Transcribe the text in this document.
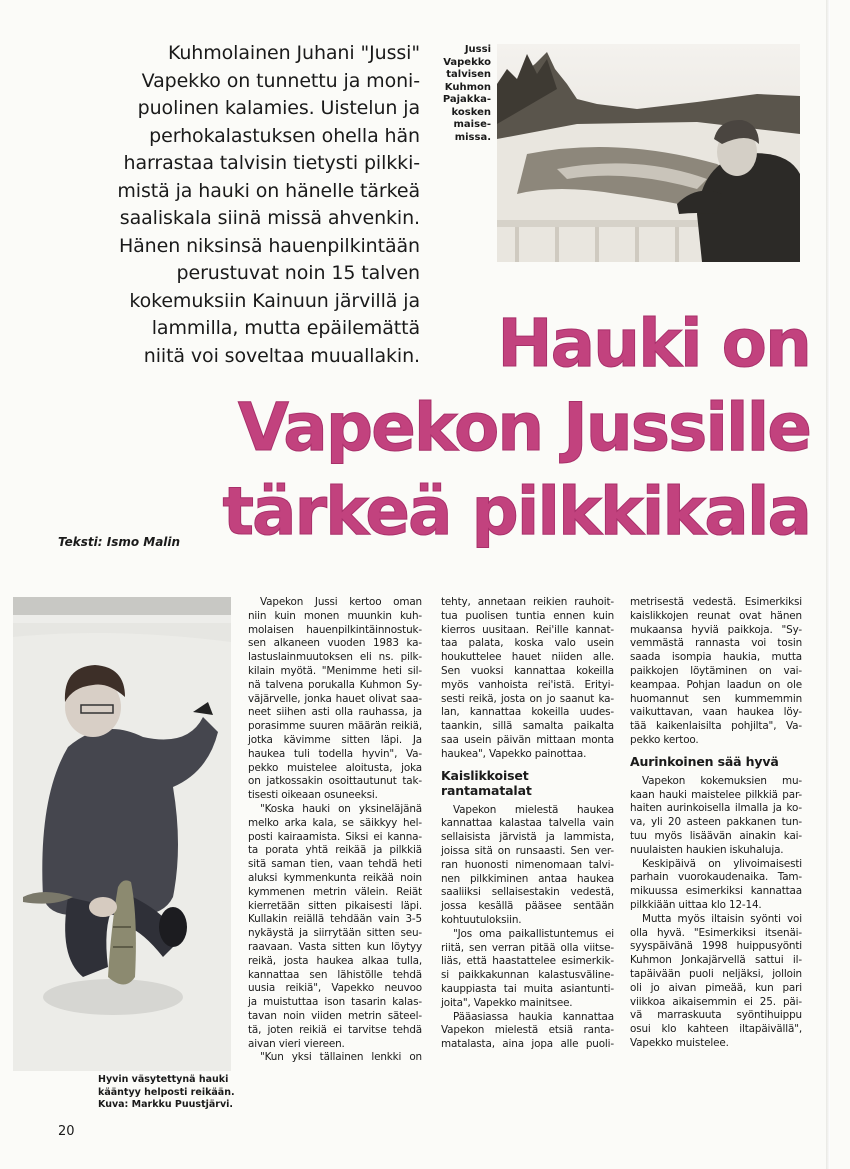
Kuhmolainen Juhani "Jussi"
Vapekko on tunnettu ja moni-
puolinen kalamies. Uistelun ja
perhokalastuksen ohella hän
harrastaa talvisin tietysti pilkki-
mistä ja hauki on hänelle tärkeä
saaliskala siinä missä ahvenkin.
Hänen niksinsä hauenpilkintään
perustuvat noin 15 talven
kokemuksiin Kainuun järvillä ja
lammilla, mutta epäilemättä
niitä voi soveltaa muuallakin.
Jussi
Vapekko
talvisen
Kuhmon
Pajakka-
kosken
maise-
missa.
Hauki on
Vapekon Jussille
tärkeä pilkkikala
Teksti: Ismo Malin
Hyvin väsytettynä hauki
kääntyy helposti reikään.
Kuva: Markku Puustjärvi.
Vapekon Jussi kertoo oman
niin kuin monen muunkin kuh-
molaisen hauenpilkintäinnostuk-
sen alkaneen vuoden 1983 ka-
lastuslainmuutoksen eli ns. pilk-
kilain myötä. "Menimme heti sil-
nä talvena porukalla Kuhmon Sy-
väjärvelle, jonka hauet olivat saa-
neet siihen asti olla rauhassa, ja
porasimme suuren määrän reikiä,
jotka kävimme sitten läpi. Ja
haukea tuli todella hyvin", Va-
pekko muistelee aloitusta, joka
on jatkossakin osoittautunut tak-
tisesti oikeaan osuneeksi.
"Koska hauki on yksineläjänä
melko arka kala, se säikkyy hel-
posti kairaamista. Siksi ei kanna-
ta porata yhtä reikää ja pilkkiä
sitä saman tien, vaan tehdä heti
aluksi kymmenkunta reikää noin
kymmenen metrin välein. Reiät
kierretään sitten pikaisesti läpi.
Kullakin reiällä tehdään vain 3-5
nykäystä ja siirrytään sitten seu-
raavaan. Vasta sitten kun löytyy
reikä, josta haukea alkaa tulla,
kannattaa sen lähistölle tehdä
uusia reikiä", Vapekko neuvoo
ja muistuttaa ison tasarin kalas-
tavan noin viiden metrin säteel-
tä, joten reikiä ei tarvitse tehdä
aivan vieri viereen.
"Kun yksi tällainen lenkki on
tehty, annetaan reikien rauhoit-
tua puolisen tuntia ennen kuin
kierros uusitaan. Rei'ille kannat-
taa palata, koska valo usein
houkuttelee hauet niiden alle.
Sen vuoksi kannattaa kokeilla
myös vanhoista rei'istä. Erityi-
sesti reikä, josta on jo saanut ka-
lan, kannattaa kokeilla uudes-
taankin, sillä samalta paikalta
saa usein päivän mittaan monta
haukea", Vapekko painottaa.
Kaislikkoiset
rantamatalat
Vapekon mielestä haukea
kannattaa kalastaa talvella vain
sellaisista järvistä ja lammista,
joissa sitä on runsaasti. Sen ver-
ran huonosti nimenomaan talvi-
nen pilkkiminen antaa haukea
saaliiksi sellaisestakin vedestä,
jossa kesällä pääsee sentään
kohtuutuloksiin.
"Jos oma paikallistuntemus ei
riitä, sen verran pitää olla viitse-
liäs, että haastattelee esimerkik-
si paikkakunnan kalastusväline-
kauppiasta tai muita asiantunti-
joita", Vapekko mainitsee.
Pääasiassa haukia kannattaa
Vapekon mielestä etsiä ranta-
matalasta, aina jopa alle puoli-
metrisestä vedestä. Esimerkiksi
kaislikkojen reunat ovat hänen
mukaansa hyviä paikkoja. "Sy-
vemmästä rannasta voi tosin
saada isompia haukia, mutta
paikkojen löytäminen on vai-
keampaa. Pohjan laadun on ole
huomannut sen kummemmin
vaikuttavan, vaan haukea löy-
tää kaikenlaisilta pohjilta", Va-
pekko kertoo.
Aurinkoinen sää hyvä
Vapekon kokemuksien mu-
kaan hauki maistelee pilkkiä par-
haiten aurinkoisella ilmalla ja ko-
va, yli 20 asteen pakkanen tun-
tuu myös lisäävän ainakin kai-
nuulaisten haukien iskuhaluja.
Keskipäivä on ylivoimaisesti
parhain vuorokaudenaika. Tam-
mikuussa esimerkiksi kannattaa
pilkkiään uittaa klo 12-14.
Mutta myös iltaisin syönti voi
olla hyvä. "Esimerkiksi itsenäi-
syyspäivänä 1998 huippusyönti
Kuhmon Jonkajärvellä sattui il-
tapäivään puoli neljäksi, jolloin
oli jo aivan pimeää, kun pari
viikkoa aikaisemmin ei 25. päi-
vä marraskuuta syöntihuippu
osui klo kahteen iltapäivällä",
Vapekko muistelee.
20
